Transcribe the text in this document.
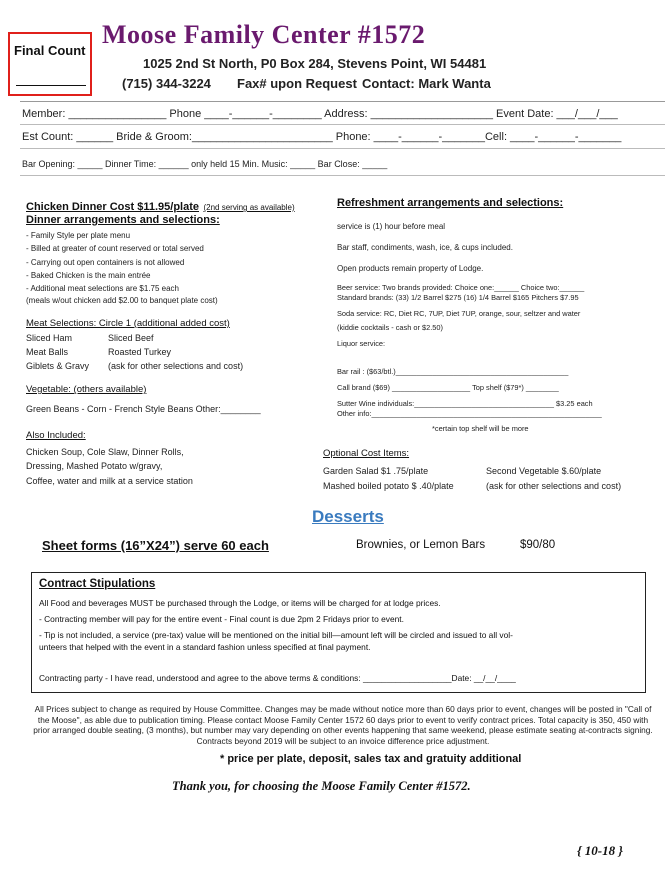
Final Count
Moose Family Center #1572
1025 2nd St North, P0 Box 284, Stevens Point, WI 54481
(715) 344-3224 Fax# upon Request Contact: Mark Wanta
Member: ________________ Phone ____-______-________ Address: ____________________ Event Date: ___/___/___
Est Count: ______ Bride & Groom:_______________________ Phone: ____-______-_______Cell: ____-______-_______
Bar Opening: _____ Dinner Time: ______ only held 15 Min. Music: _____ Bar Close: _____
Chicken Dinner Cost $11.95/plate (2nd serving as available)
Dinner arrangements and selections:
- Family Style per plate menu
- Billed at greater of count reserved or total served
- Carrying out open containers is not allowed
- Baked Chicken is the main entrée
- Additional meat selections are $1.75 each
(meals w/out chicken add $2.00 to banquet plate cost)
Meat Selections: Circle 1 (additional added cost)
Sliced Ham	Sliced Beef
Meat Balls	Roasted Turkey
Giblets & Gravy (ask for other selections and cost)
Vegetable: (others available)
Green Beans - Corn - French Style Beans Other:________
Also Included:
Chicken Soup, Cole Slaw, Dinner Rolls,
Dressing, Mashed Potato w/gravy,
Coffee, water and milk at a service station
Refreshment arrangements and selections:
service is (1) hour before meal
Bar staff, condiments, wash, ice, & cups included.
Open products remain property of Lodge.
Beer service: Two brands provided: Choice one:______ Choice two:______
Standard brands: (33) 1/2 Barrel $275 (16) 1/4 Barrel $165 Pitchers $7.95
Soda service: RC, Diet RC, 7UP, Diet 7UP, orange, sour, seltzer and water
(kiddie cocktails - cash or $2.50)
Liquor service:
Bar rail : ($63/btl.)__________________________________________
Call brand ($69) ___________________ Top shelf ($79*) ________
Sutter Wine individuals:__________________________________ $3.25 each
Other info:________________________________________________________
*certain top shelf will be more
Optional Cost Items:
Garden Salad $1 .75/plate	Second Vegetable $.60/plate
Mashed boiled potato $ .40/plate	(ask for other selections and cost)
Desserts
Sheet forms (16”X24”) serve 60 each	Brownies, or Lemon Bars	$90/80
Contract Stipulations
All Food and beverages MUST be purchased through the Lodge, or items will be charged for at lodge prices.
- Contracting member will pay for the entire event - Final count is due 2pm 2 Fridays prior to event.
- Tip is not included, a service (pre-tax) value will be mentioned on the initial bill—amount left will be circled and issued to all vol-
unteers that helped with the event in a standard fashion unless specified at final payment.
Contracting party - I have read, understood and agree to the above terms & conditions: ___________________Date: __/__/____
All Prices subject to change as required by House Committee. Changes may be made without notice more than 60 days prior to event, changes will be posted in "Call of the Moose", as able due to publication timing. Please contact Moose Family Center 1572 60 days prior to event to verify contract prices. Total capacity is 350, 450 with prior arranged double seating, (3 months), but number may vary depending on other events happening that same weekend, please estimate seating at-contracts signing. Contracts beyond 2019 will be subject to an invoice difference price adjustment.
* price per plate, deposit, sales tax and gratuity additional
Thank you, for choosing the Moose Family Center #1572.
{ 10-18 }
